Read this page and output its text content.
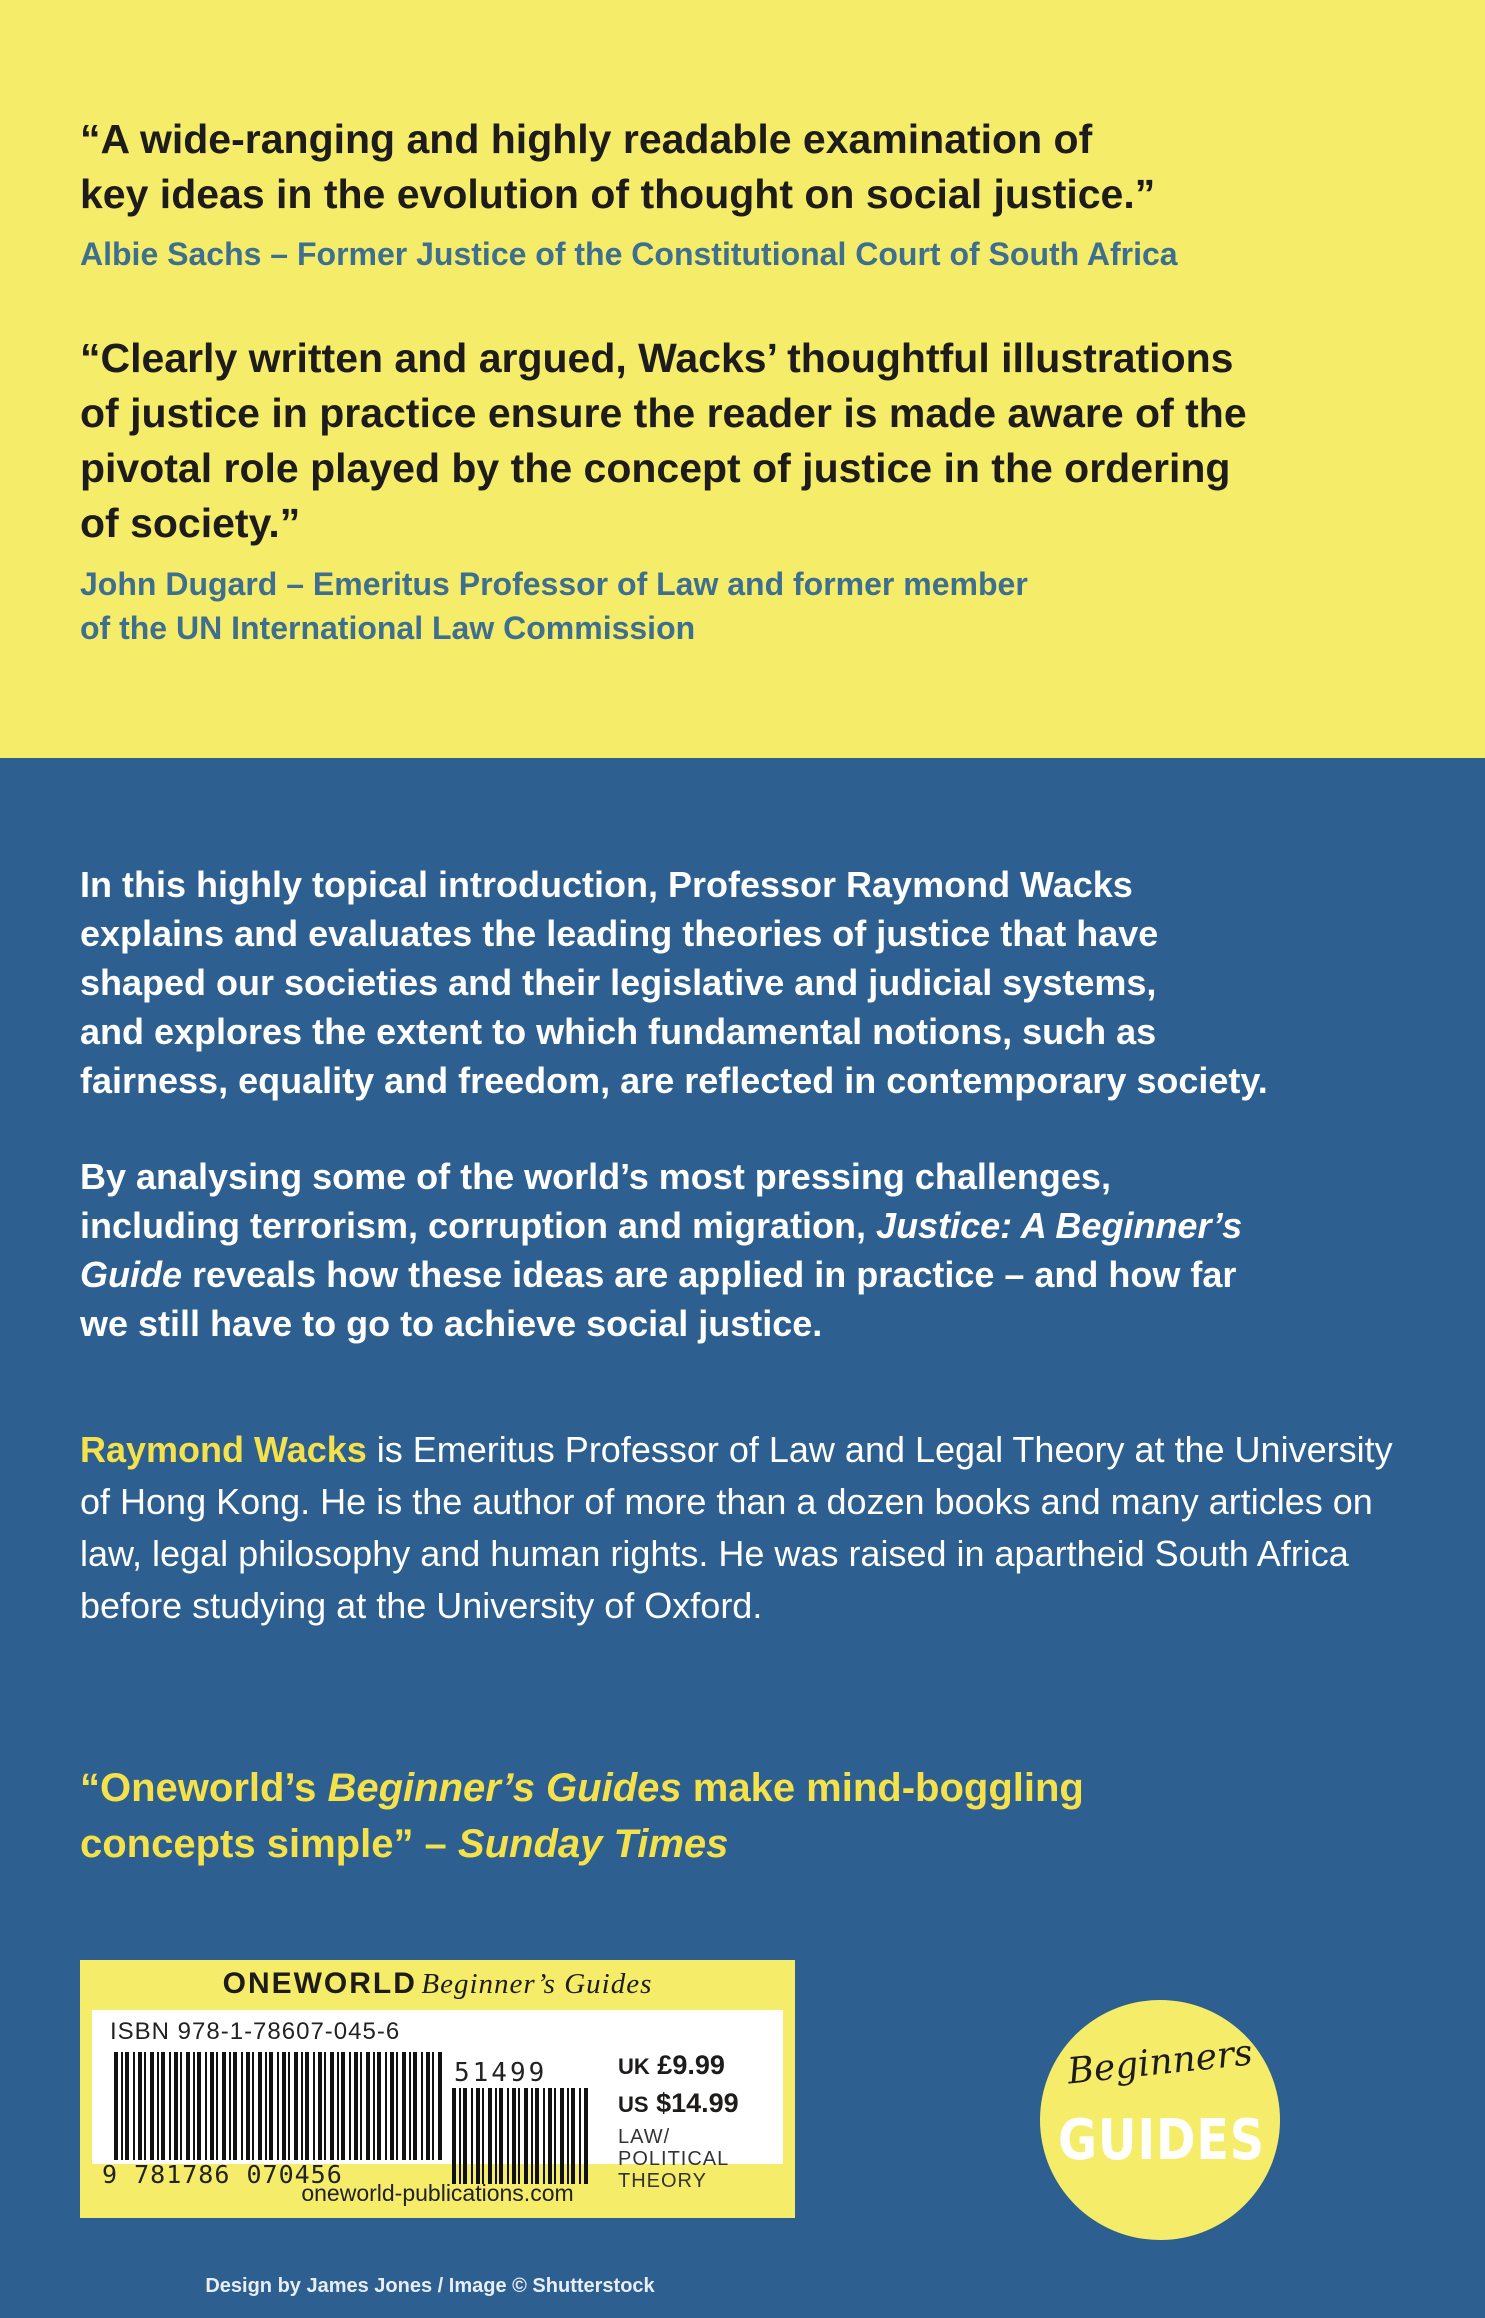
“A wide-ranging and highly readable examination of
key ideas in the evolution of thought on social justice.”

Albie Sachs – Former Justice of the Constitutional Court of South Africa

“Clearly written and argued, Wacks’ thoughtful illustrations
of justice in practice ensure the reader is made aware of the
pivotal role played by the concept of justice in the ordering
of society.”

John Dugard – Emeritus Professor of Law and former member
of the UN International Law Commission

In this highly topical introduction, Professor Raymond Wacks
explains and evaluates the leading theories of justice that have
shaped our societies and their legislative and judicial systems,
and explores the extent to which fundamental notions, such as
fairness, equality and freedom, are reflected in contemporary society.

By analysing some of the world’s most pressing challenges,
including terrorism, corruption and migration, Justice: A Beginner’s
Guide reveals how these ideas are applied in practice – and how far
we still have to go to achieve social justice.

Raymond Wacks is Emeritus Professor of Law and Legal Theory at the University of Hong Kong. He is the author of more than a dozen books and many articles on law, legal philosophy and human rights. He was raised in apartheid South Africa before studying at the University of Oxford.

“Oneworld’s Beginner’s Guides make mind-boggling
concepts simple” – Sunday Times

ONEWORLD Beginner’s Guides
ISBN 978-1-78607-045-6
9 781786 070456
51499	UK £9.99
US $14.99
LAW/
POLITICAL
THEORY
oneworld-publications.com
Beginners
GUIDES
Design by James Jones / Image © Shutterstock
